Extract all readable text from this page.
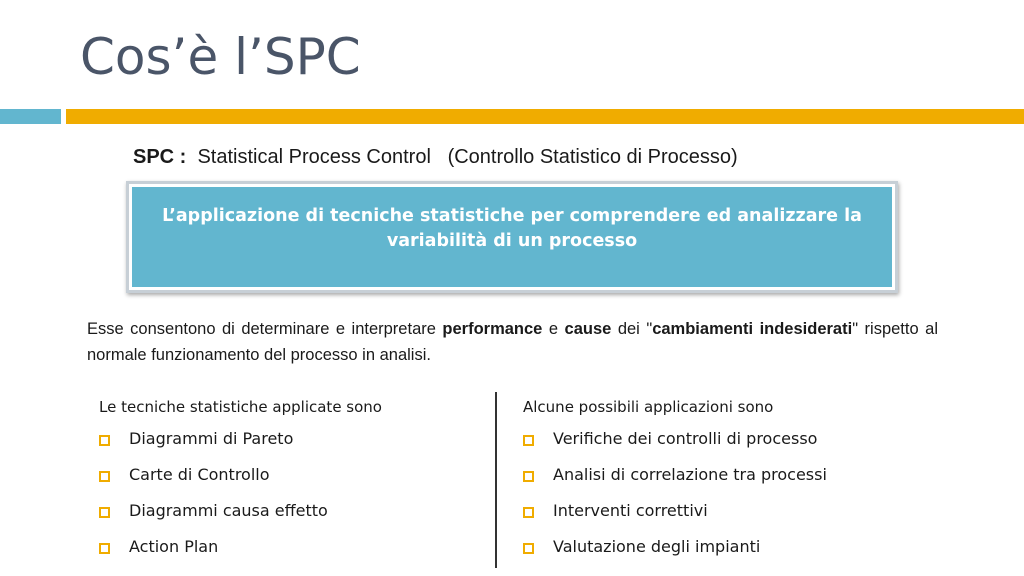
Cos’è l’SPC
SPC : Statistical Process Control (Controllo Statistico di Processo)
L’applicazione di tecniche statistiche per comprendere ed analizzare la variabilità di un processo
Esse consentono di determinare e interpretare performance e cause dei "cambiamenti indesiderati" rispetto al normale funzionamento del processo in analisi.
Le tecniche statistiche applicate sono
Diagrammi di Pareto
Carte di Controllo
Diagrammi causa effetto
Action Plan
Alcune possibili applicazioni sono
Verifiche dei controlli di processo
Analisi di correlazione tra processi
Interventi correttivi
Valutazione degli impianti
